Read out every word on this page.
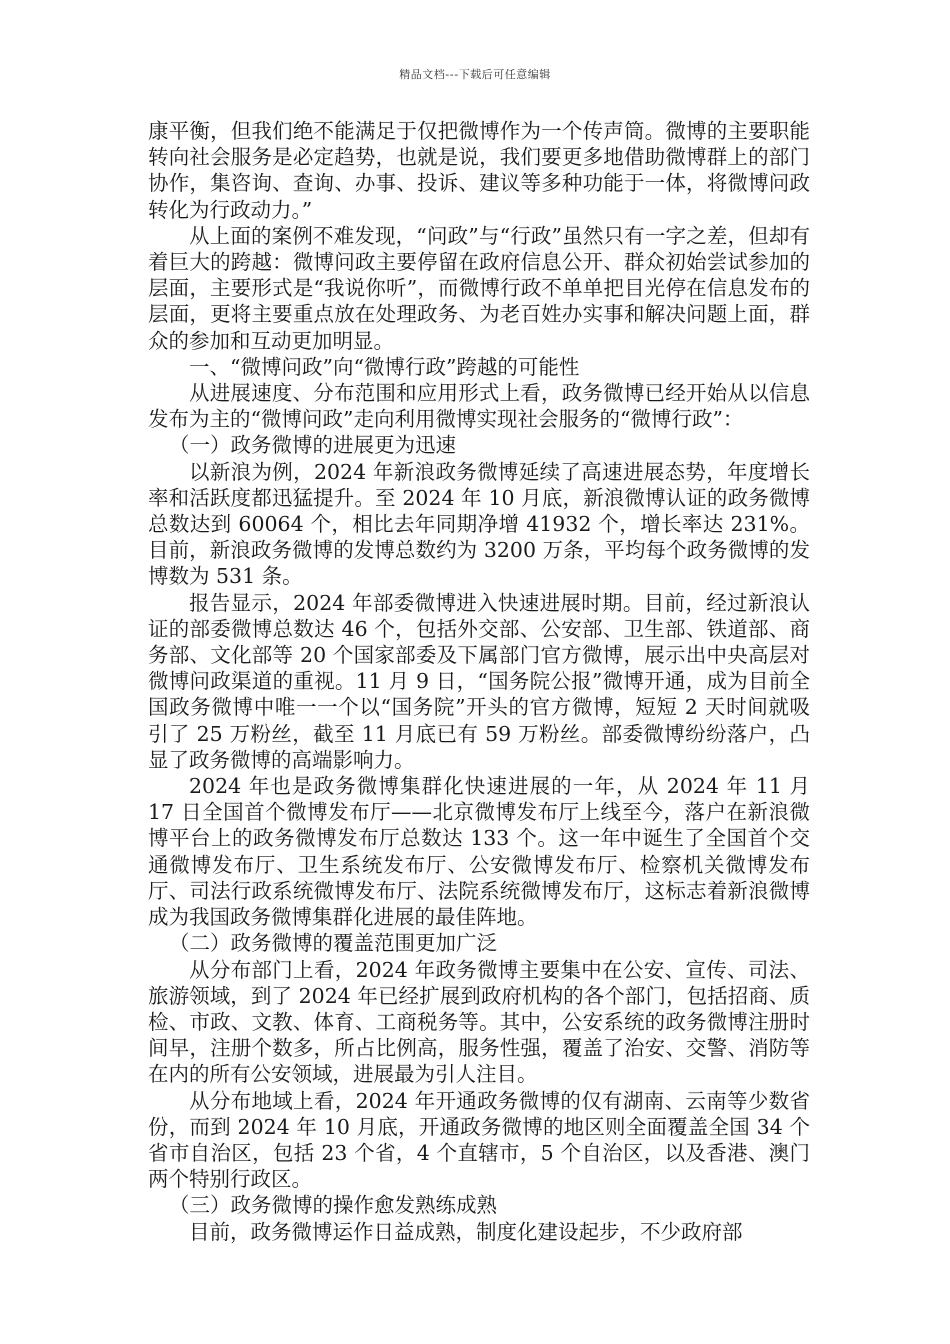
精品文档---下载后可任意编辑

康平衡，但我们绝不能满足于仅把微博作为一个传声筒。微博的主要职能转向社会服务是必定趋势，也就是说，我们要更多地借助微博群上的部门协作，集咨询、查询、办事、投诉、建议等多种功能于一体，将微博问政转化为行政动力。”

从上面的案例不难发现，“问政”与“行政”虽然只有一字之差，但却有着巨大的跨越：微博问政主要停留在政府信息公开、群众初始尝试参加的层面，主要形式是“我说你听”，而微博行政不单单把目光停在信息发布的层面，更将主要重点放在处理政务、为老百姓办实事和解决问题上面，群众的参加和互动更加明显。

一、“微博问政”向“微博行政”跨越的可能性

从进展速度、分布范围和应用形式上看，政务微博已经开始从以信息发布为主的“微博问政”走向利用微博实现社会服务的“微博行政”：

（一）政务微博的进展更为迅速

以新浪为例，2024 年新浪政务微博延续了高速进展态势，年度增长率和活跃度都迅猛提升。至 2024 年 10 月底，新浪微博认证的政务微博总数达到 60064 个，相比去年同期净增 41932 个，增长率达 231%。目前，新浪政务微博的发博总数约为 3200 万条，平均每个政务微博的发博数为 531 条。

报告显示，2024 年部委微博进入快速进展时期。目前，经过新浪认证的部委微博总数达 46 个，包括外交部、公安部、卫生部、铁道部、商务部、文化部等 20 个国家部委及下属部门官方微博，展示出中央高层对微博问政渠道的重视。11 月 9 日，“国务院公报”微博开通，成为目前全国政务微博中唯一一个以“国务院”开头的官方微博，短短 2 天时间就吸引了 25 万粉丝，截至 11 月底已有 59 万粉丝。部委微博纷纷落户，凸显了政务微博的高端影响力。

2024 年也是政务微博集群化快速进展的一年，从 2024 年 11 月 17 日全国首个微博发布厅——北京微博发布厅上线至今，落户在新浪微博平台上的政务微博发布厅总数达 133 个。这一年中诞生了全国首个交通微博发布厅、卫生系统发布厅、公安微博发布厅、检察机关微博发布厅、司法行政系统微博发布厅、法院系统微博发布厅，这标志着新浪微博成为我国政务微博集群化进展的最佳阵地。

（二）政务微博的覆盖范围更加广泛

从分布部门上看，2024 年政务微博主要集中在公安、宣传、司法、旅游领域，到了 2024 年已经扩展到政府机构的各个部门，包括招商、质检、市政、文教、体育、工商税务等。其中，公安系统的政务微博注册时间早，注册个数多，所占比例高，服务性强，覆盖了治安、交警、消防等在内的所有公安领域，进展最为引人注目。

从分布地域上看，2024 年开通政务微博的仅有湖南、云南等少数省份，而到 2024 年 10 月底，开通政务微博的地区则全面覆盖全国 34 个省市自治区，包括 23 个省，4 个直辖市，5 个自治区，以及香港、澳门两个特别行政区。

（三）政务微博的操作愈发熟练成熟

目前，政务微博运作日益成熟，制度化建设起步，不少政府部
